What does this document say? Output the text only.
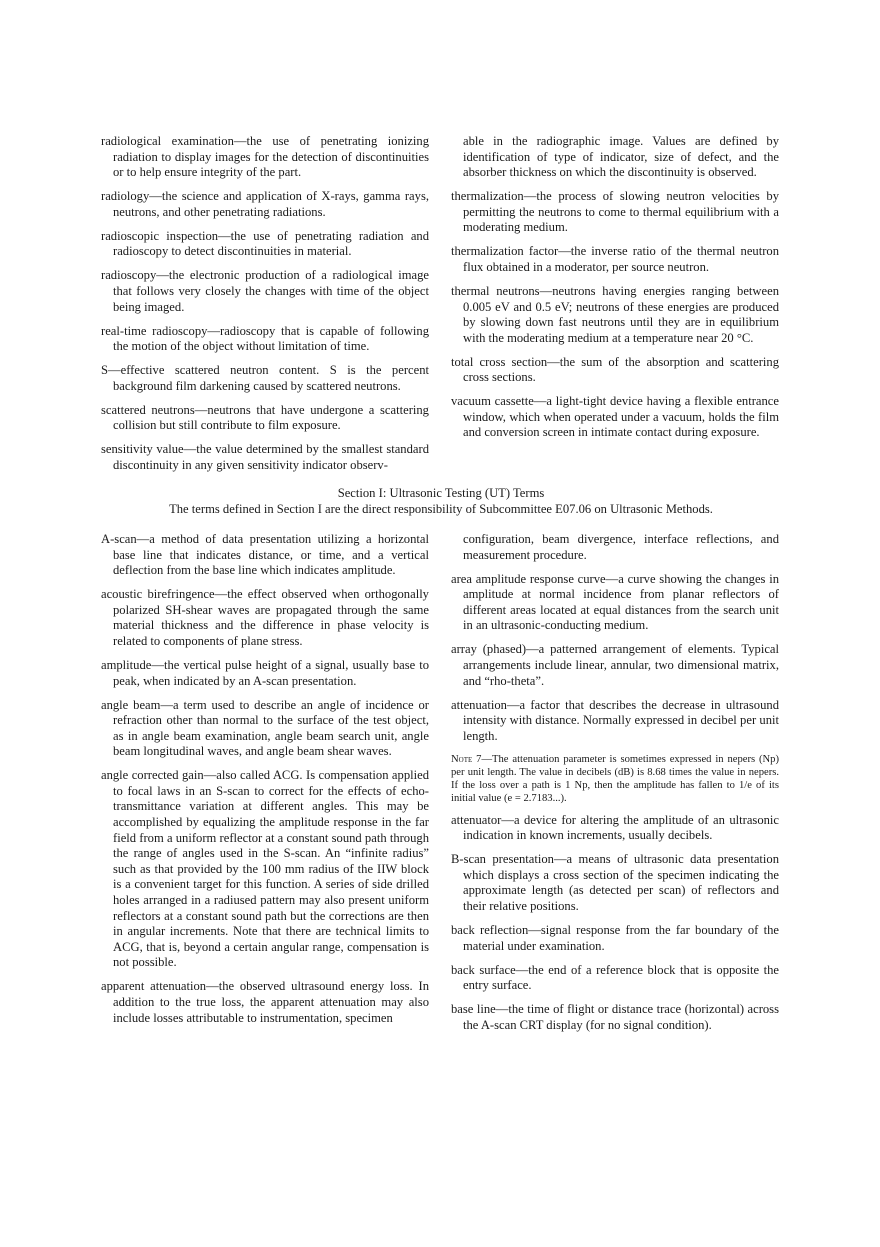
radiological examination—the use of penetrating ionizing radiation to display images for the detection of discontinuities or to help ensure integrity of the part.

radiology—the science and application of X-rays, gamma rays, neutrons, and other penetrating radiations.

radioscopic inspection—the use of penetrating radiation and radioscopy to detect discontinuities in material.

radioscopy—the electronic production of a radiological image that follows very closely the changes with time of the object being imaged.

real-time radioscopy—radioscopy that is capable of following the motion of the object without limitation of time.

S—effective scattered neutron content. S is the percent background film darkening caused by scattered neutrons.

scattered neutrons—neutrons that have undergone a scattering collision but still contribute to film exposure.

sensitivity value—the value determined by the smallest standard discontinuity in any given sensitivity indicator observ-

able in the radiographic image. Values are defined by identification of type of indicator, size of defect, and the absorber thickness on which the discontinuity is observed.

thermalization—the process of slowing neutron velocities by permitting the neutrons to come to thermal equilibrium with a moderating medium.

thermalization factor—the inverse ratio of the thermal neutron flux obtained in a moderator, per source neutron.

thermal neutrons—neutrons having energies ranging between 0.005 eV and 0.5 eV; neutrons of these energies are produced by slowing down fast neutrons until they are in equilibrium with the moderating medium at a temperature near 20 °C.

total cross section—the sum of the absorption and scattering cross sections.

vacuum cassette—a light-tight device having a flexible entrance window, which when operated under a vacuum, holds the film and conversion screen in intimate contact during exposure.

Section I: Ultrasonic Testing (UT) Terms
The terms defined in Section I are the direct responsibility of Subcommittee E07.06 on Ultrasonic Methods.

A-scan—a method of data presentation utilizing a horizontal base line that indicates distance, or time, and a vertical deflection from the base line which indicates amplitude.

acoustic birefringence—the effect observed when orthogonally polarized SH-shear waves are propagated through the same material thickness and the difference in phase velocity is related to components of plane stress.

amplitude—the vertical pulse height of a signal, usually base to peak, when indicated by an A-scan presentation.

angle beam—a term used to describe an angle of incidence or refraction other than normal to the surface of the test object, as in angle beam examination, angle beam search unit, angle beam longitudinal waves, and angle beam shear waves.

angle corrected gain—also called ACG. Is compensation applied to focal laws in an S-scan to correct for the effects of echo-transmittance variation at different angles. This may be accomplished by equalizing the amplitude response in the far field from a uniform reflector at a constant sound path through the range of angles used in the S-scan. An “infinite radius” such as that provided by the 100 mm radius of the IIW block is a convenient target for this function. A series of side drilled holes arranged in a radiused pattern may also present uniform reflectors at a constant sound path but the corrections are then in angular increments. Note that there are technical limits to ACG, that is, beyond a certain angular range, compensation is not possible.

apparent attenuation—the observed ultrasound energy loss. In addition to the true loss, the apparent attenuation may also include losses attributable to instrumentation, specimen

configuration, beam divergence, interface reflections, and measurement procedure.

area amplitude response curve—a curve showing the changes in amplitude at normal incidence from planar reflectors of different areas located at equal distances from the search unit in an ultrasonic-conducting medium.

array (phased)—a patterned arrangement of elements. Typical arrangements include linear, annular, two dimensional matrix, and “rho-theta”.

attenuation—a factor that describes the decrease in ultrasound intensity with distance. Normally expressed in decibel per unit length.

Note 7—The attenuation parameter is sometimes expressed in nepers (Np) per unit length. The value in decibels (dB) is 8.68 times the value in nepers. If the loss over a path is 1 Np, then the amplitude has fallen to 1/e of its initial value (e = 2.7183...).

attenuator—a device for altering the amplitude of an ultrasonic indication in known increments, usually decibels.

B-scan presentation—a means of ultrasonic data presentation which displays a cross section of the specimen indicating the approximate length (as detected per scan) of reflectors and their relative positions.

back reflection—signal response from the far boundary of the material under examination.

back surface—the end of a reference block that is opposite the entry surface.

base line—the time of flight or distance trace (horizontal) across the A-scan CRT display (for no signal condition).
